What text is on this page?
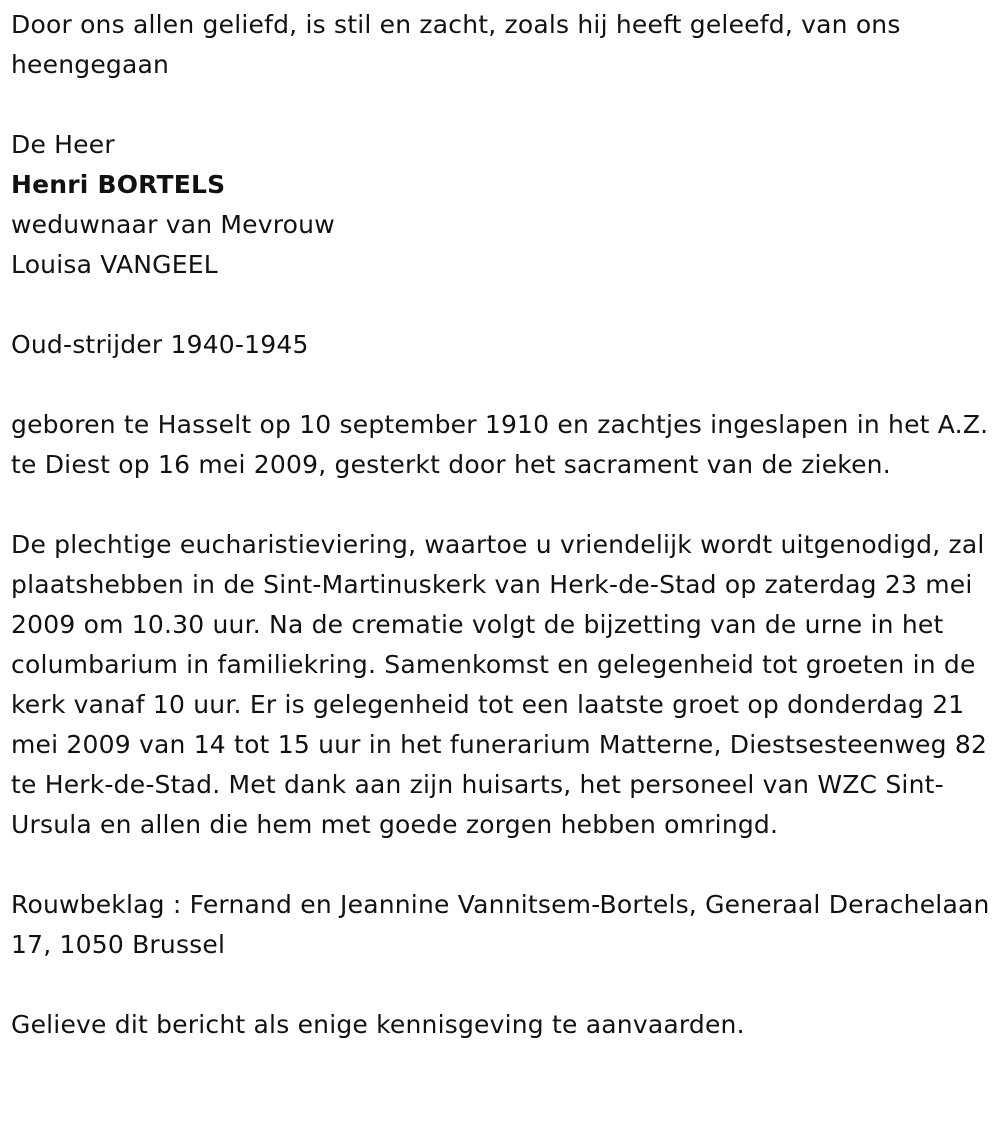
Door ons allen geliefd, is stil en zacht, zoals hij heeft geleefd, van ons heengegaan

De Heer
Henri BORTELS
weduwnaar van Mevrouw
Louisa VANGEEL

Oud-strijder 1940-1945

geboren te Hasselt op 10 september 1910 en zachtjes ingeslapen in het A.Z. te Diest op 16 mei 2009, gesterkt door het sacrament van de zieken.

De plechtige eucharistieviering, waartoe u vriendelijk wordt uitgenodigd, zal plaatshebben in de Sint-Martinuskerk van Herk-de-Stad op zaterdag 23 mei 2009 om 10.30 uur. Na de crematie volgt de bijzetting van de urne in het columbarium in familiekring. Samenkomst en gelegenheid tot groeten in de kerk vanaf 10 uur. Er is gelegenheid tot een laatste groet op donderdag 21 mei 2009 van 14 tot 15 uur in het funerarium Matterne, Diestsesteenweg 82 te Herk-de-Stad. Met dank aan zijn huisarts, het personeel van WZC Sint-Ursula en allen die hem met goede zorgen hebben omringd.

Rouwbeklag : Fernand en Jeannine Vannitsem-Bortels, Generaal Derachelaan 17, 1050 Brussel

Gelieve dit bericht als enige kennisgeving te aanvaarden.
